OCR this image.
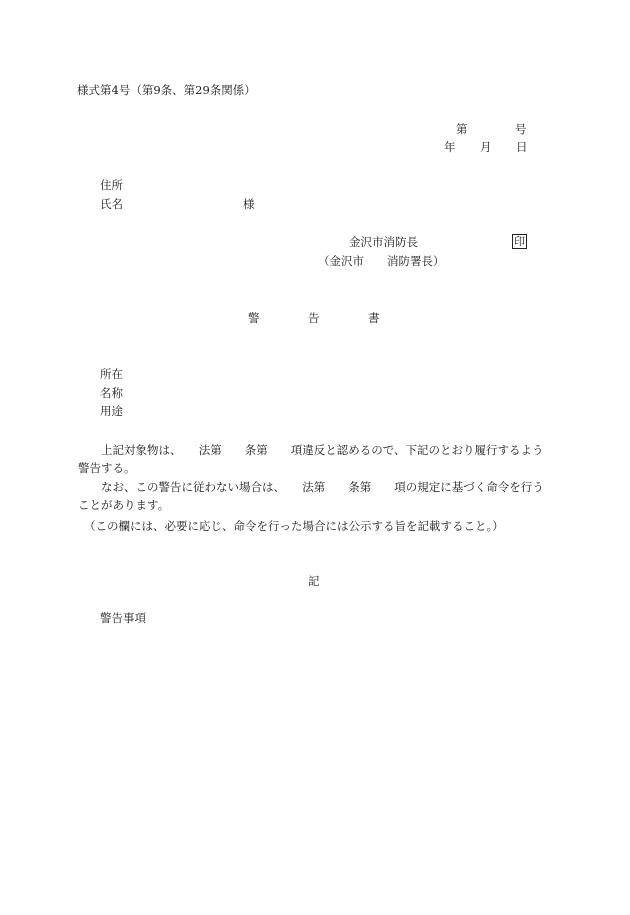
様式第4号（第9条、第29条関係）
第	号
年 月 日
住所
氏名	様
金沢市消防長	印
（金沢市　　消防署長）
警	告	書
所在
名称
用途
上記対象物は、　　法第　　条第　　項違反と認めるので、下記のとおり履行するよう警告する。
なお、この警告に従わない場合は、　　法第　　条第　　項の規定に基づく命令を行うことがあります。
（この欄には、必要に応じ、命令を行った場合には公示する旨を記載すること。）
記
警告事項
